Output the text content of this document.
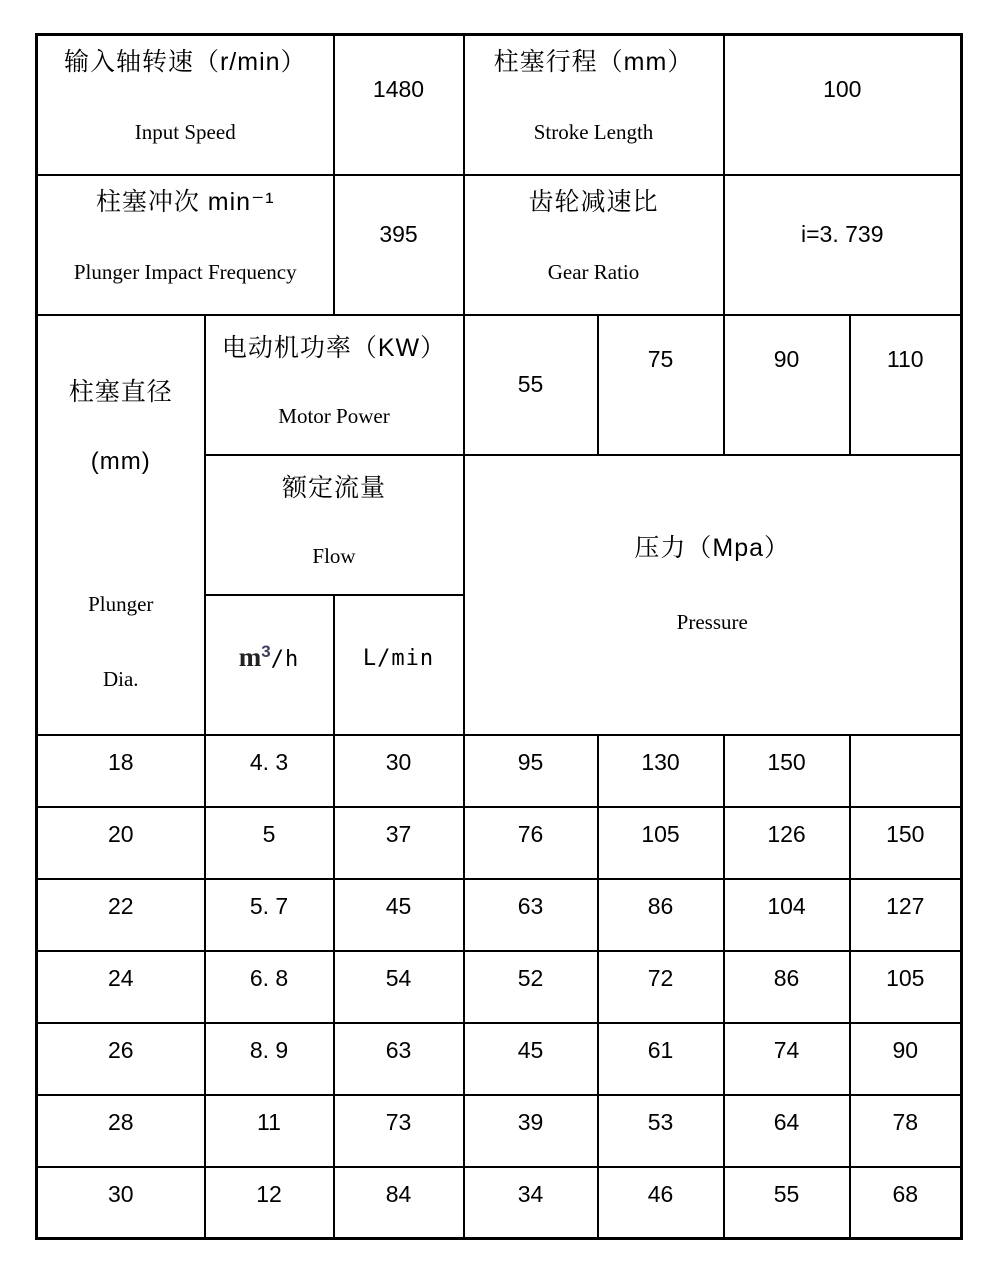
输入轴转速（r/min）
Input Speed
	1480	
柱塞行程（mm）
Stroke Length
	100

柱塞冲次 min⁻¹
Plunger Impact Frequency
	395	
齿轮减速比
Gear Ratio
	i=3. 739

柱塞直径
(mm)
Plunger
Dia.

电动机功率（KW）
Motor Power
	55	75	90	110

额定流量
Flow	压力（Mpa）
Pressure

	$m^3/h$	L/min				
18	4. 3	30	95	130	150	
20	5	37	76	105	126	150
22	5. 7	45	63	86	104	127
24	6. 8	54	52	72	86	105
26	8. 9	63	45	61	74	90
28	11	73	39	53	64	78
30	12	84	34	46	55	68
